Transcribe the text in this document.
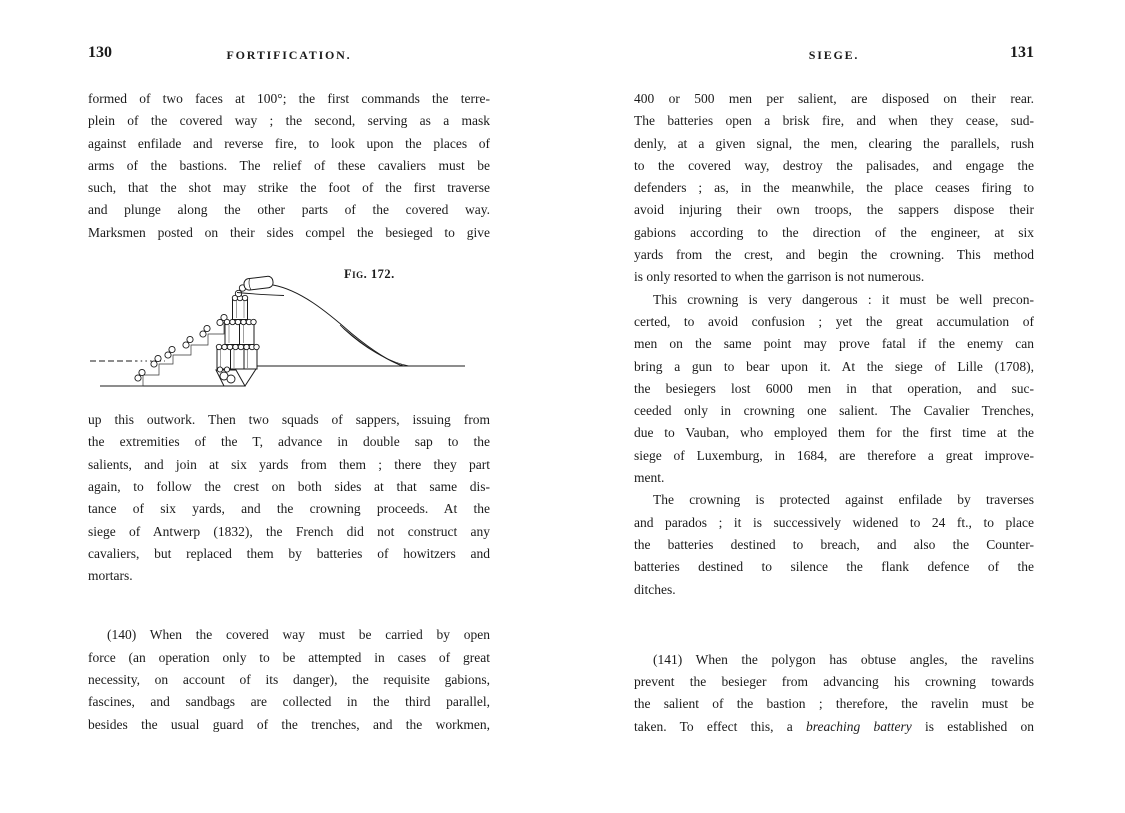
130	FORTIFICATION.
formed of two faces at 100°; the first commands the terre-
plein of the covered way ; the second, serving as a mask
against enfilade and reverse fire, to look upon the places of
arms of the bastions. The relief of these cavaliers must be
such, that the shot may strike the foot of the first traverse
and plunge along the other parts of the covered way.
Marksmen posted on their sides compel the besieged to give
Fig. 172.
up this outwork. Then two squads of sappers, issuing from
the extremities of the T, advance in double sap to the
salients, and join at six yards from them ; there they part
again, to follow the crest on both sides at that same dis-
tance of six yards, and the crowning proceeds. At the
siege of Antwerp (1832), the French did not construct any
cavaliers, but replaced them by batteries of howitzers and
mortars.
(140) When the covered way must be carried by open
force (an operation only to be attempted in cases of great
necessity, on account of its danger), the requisite gabions,
fascines, and sandbags are collected in the third parallel,
besides the usual guard of the trenches, and the workmen,
SIEGE.	131
400 or 500 men per salient, are disposed on their rear.
The batteries open a brisk fire, and when they cease, sud-
denly, at a given signal, the men, clearing the parallels, rush
to the covered way, destroy the palisades, and engage the
defenders ; as, in the meanwhile, the place ceases firing to
avoid injuring their own troops, the sappers dispose their
gabions according to the direction of the engineer, at six
yards from the crest, and begin the crowning. This method
is only resorted to when the garrison is not numerous.
This crowning is very dangerous : it must be well precon-
certed, to avoid confusion ; yet the great accumulation of
men on the same point may prove fatal if the enemy can
bring a gun to bear upon it. At the siege of Lille (1708),
the besiegers lost 6000 men in that operation, and suc-
ceeded only in crowning one salient. The Cavalier Trenches,
due to Vauban, who employed them for the first time at the
siege of Luxemburg, in 1684, are therefore a great improve-
ment.
The crowning is protected against enfilade by traverses
and parados ; it is successively widened to 24 ft., to place
the batteries destined to breach, and also the Counter-
batteries destined to silence the flank defence of the
ditches.
(141) When the polygon has obtuse angles, the ravelins
prevent the besieger from advancing his crowning towards
the salient of the bastion ; therefore, the ravelin must be
taken. To effect this, a breaching battery is established on
